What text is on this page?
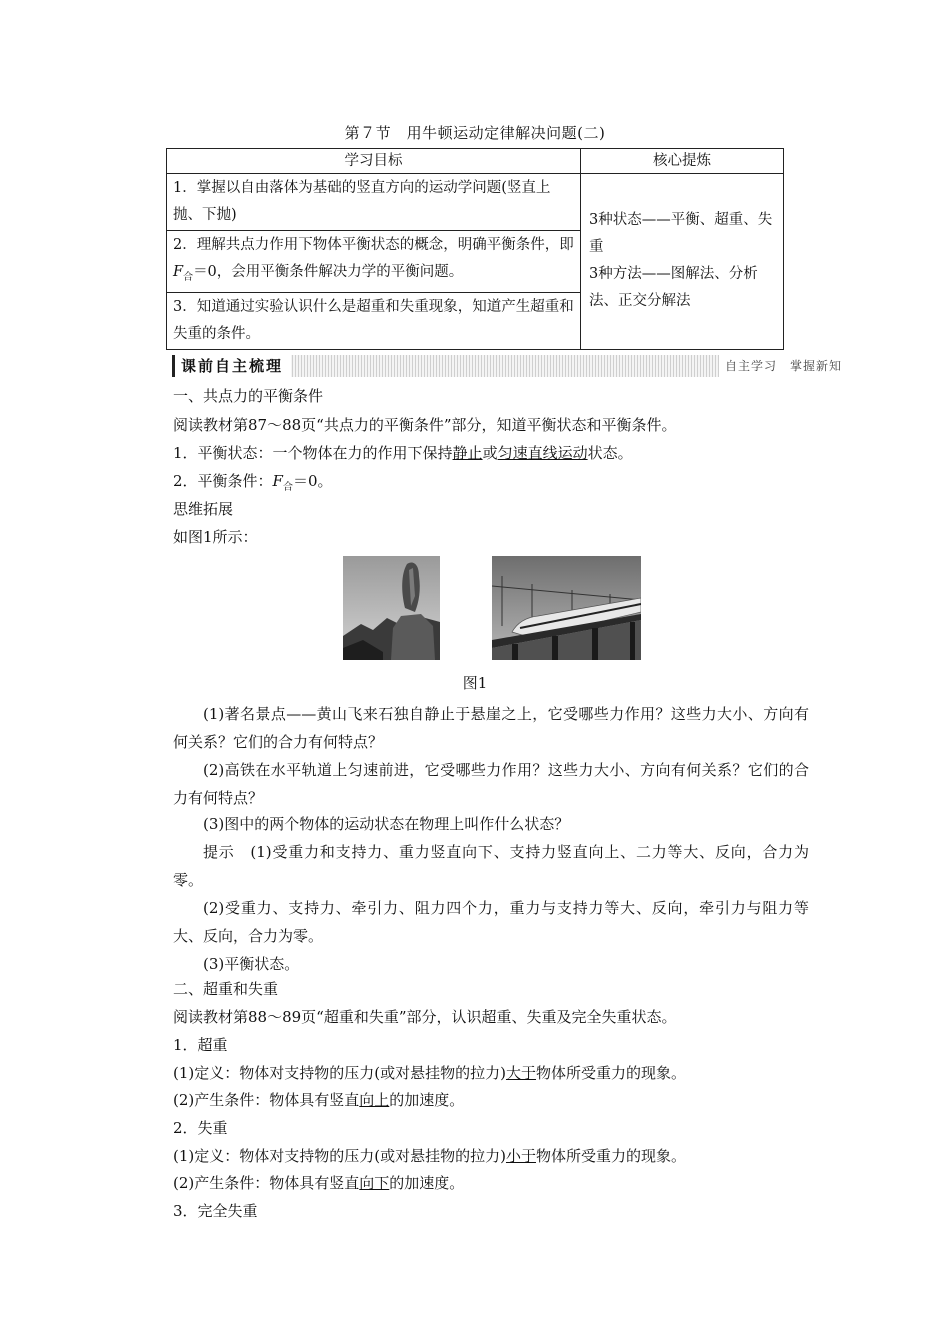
第７节　用牛顿运动定律解决问题(二)
学习目标	核心提炼
1．掌握以自由落体为基础的竖直方向的运动学问题(竖直上抛、下抛)	3种状态——平衡、超重、失重
3种方法——图解法、分析法、正交分解法

2．理解共点力作用下物体平衡状态的概念，明确平衡条件，即$F_合=0$，会用平衡条件解决力学的平衡问题。	
3．知道通过实验认识什么是超重和失重现象，知道产生超重和失重的条件。	
课前自主梳理	自主学习　掌握新知
一、共点力的平衡条件
阅读教材第87～88页“共点力的平衡条件”部分，知道平衡状态和平衡条件。
1．平衡状态：一个物体在力的作用下保持静止或匀速直线运动状态。
2．平衡条件：$F_合=0$。
思维拓展
如图1所示：
图1
(1)著名景点——黄山飞来石独自静止于悬崖之上，它受哪些力作用？这些力大小、方向有何关系？它们的合力有何特点？
(2)高铁在水平轨道上匀速前进，它受哪些力作用？这些力大小、方向有何关系？它们的合力有何特点？
(3)图中的两个物体的运动状态在物理上叫作什么状态？
提示　(1)受重力和支持力、重力竖直向下、支持力竖直向上、二力等大、反向，合力为零。
(2)受重力、支持力、牵引力、阻力四个力，重力与支持力等大、反向，牵引力与阻力等大、反向，合力为零。
(3)平衡状态。
二、超重和失重
阅读教材第88～89页“超重和失重”部分，认识超重、失重及完全失重状态。
1．超重
(1)定义：物体对支持物的压力(或对悬挂物的拉力)大于物体所受重力的现象。
(2)产生条件：物体具有竖直向上的加速度。
2．失重
(1)定义：物体对支持物的压力(或对悬挂物的拉力)小于物体所受重力的现象。
(2)产生条件：物体具有竖直向下的加速度。
3．完全失重
